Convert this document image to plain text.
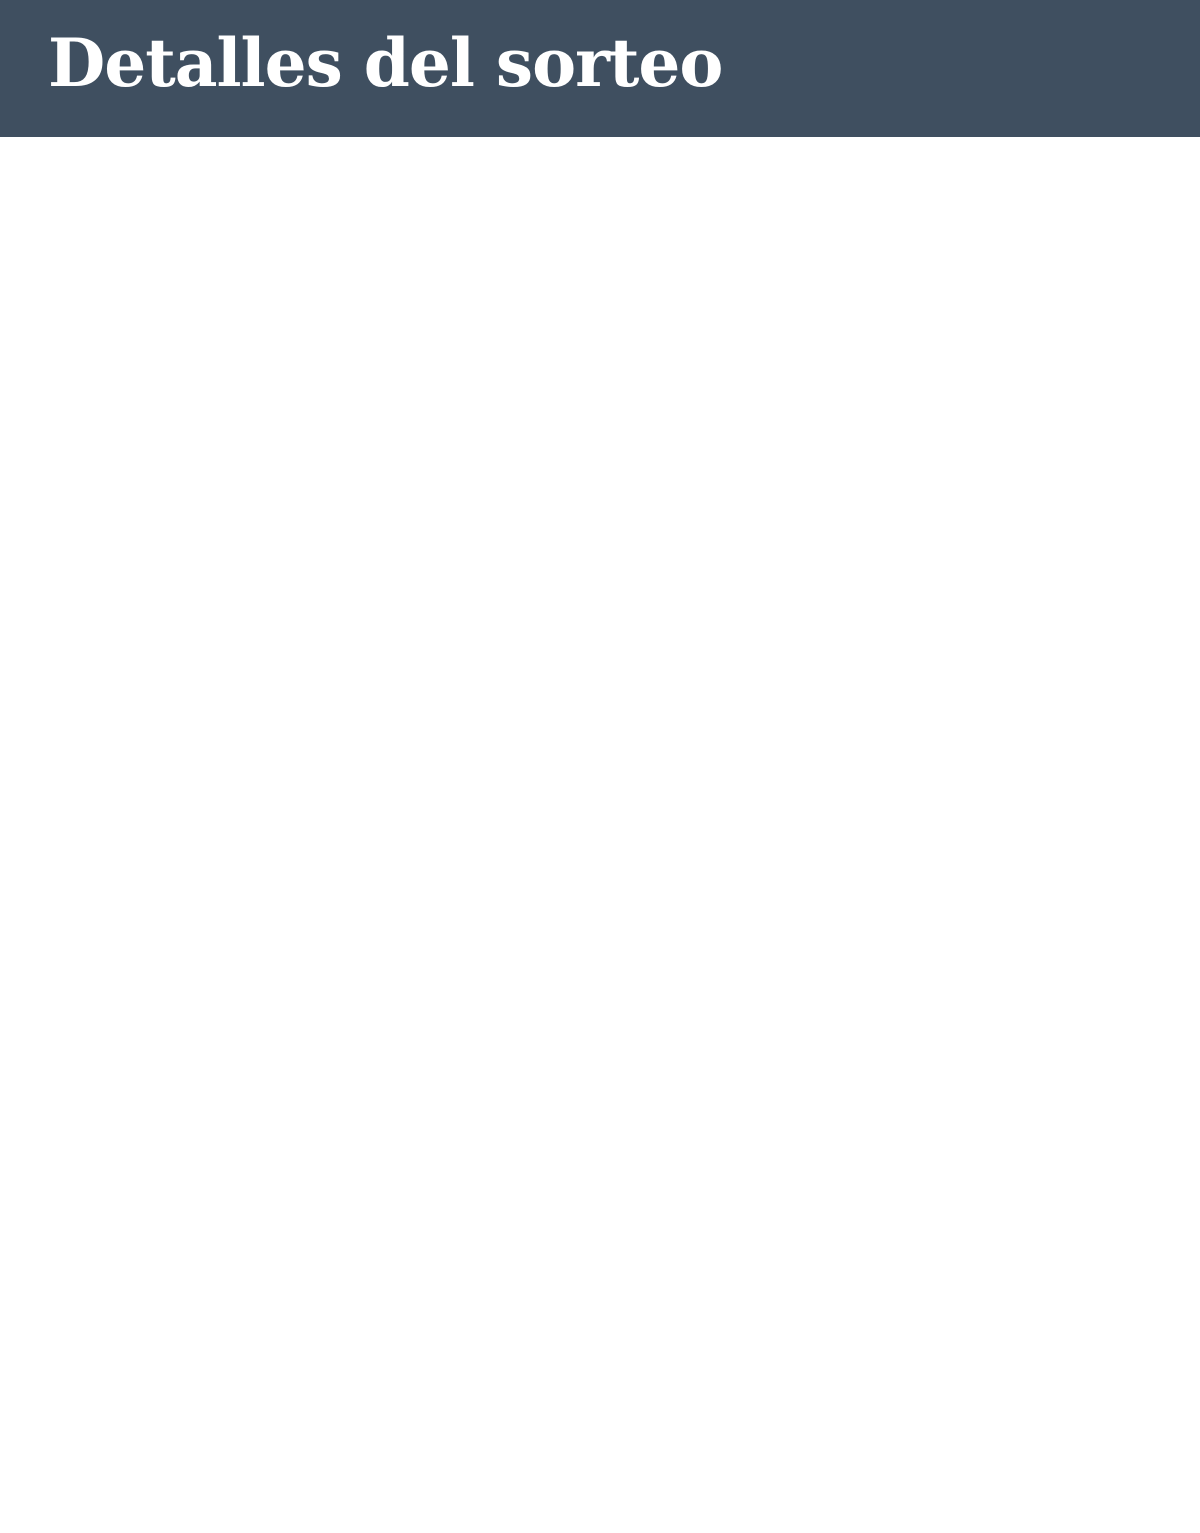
Detalles del sorteo
